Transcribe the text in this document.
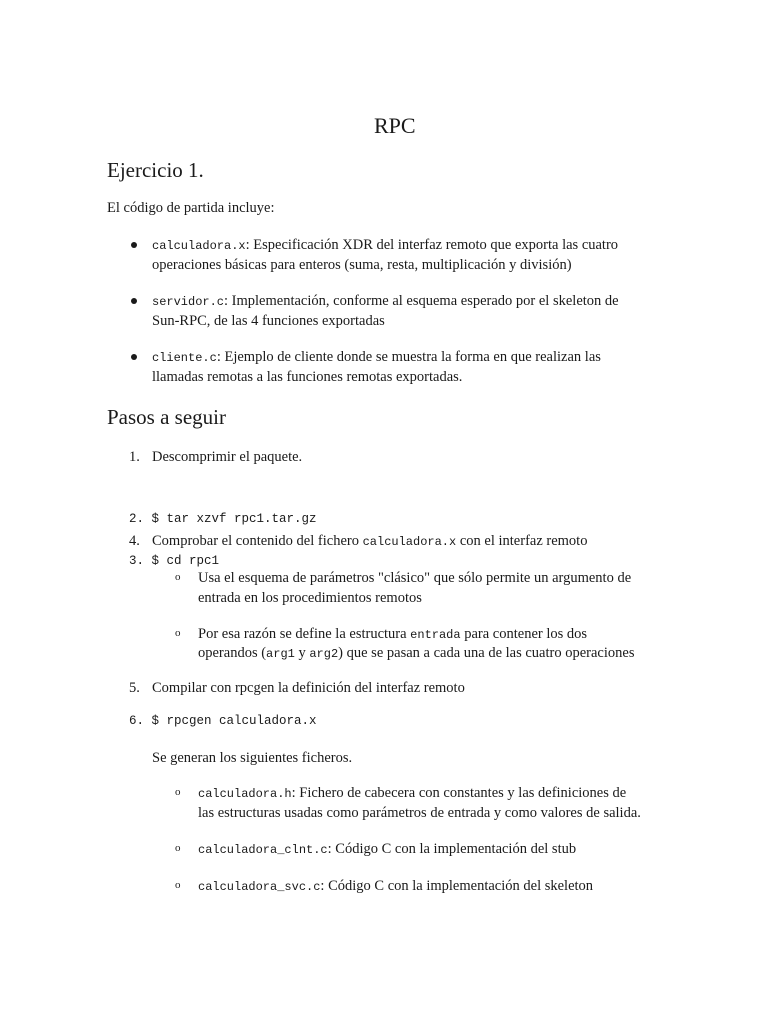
RPC
Ejercicio 1.

El código de partida incluye:

calculadora.x: Especificación XDR del interfaz remoto que exporta las cuatro

operaciones básicas para enteros (suma, resta, multiplicación y división)

servidor.c: Implementación, conforme al esquema esperado por el skeleton de

Sun-RPC, de las 4 funciones exportadas

cliente.c: Ejemplo de cliente donde se muestra la forma en que realizan las

llamadas remotas a las funciones remotas exportadas.

Pasos a seguir
1. Descomprimir el paquete.

2. $ tar xzvf rpc1.tar.gz

3. $ cd rpc1

4. Comprobar el contenido del fichero calculadora.x con el interfaz remoto

o Usa el esquema de parámetros "clásico" que sólo permite un argumento de

entrada en los procedimientos remotos

o Por esa razón se define la estructura entrada para contener los dos

operandos (arg1 y arg2) que se pasan a cada una de las cuatro operaciones

5. Compilar con rpcgen la definición del interfaz remoto

6. $ rpcgen calculadora.x

Se generan los siguientes ficheros.

o calculadora.h: Fichero de cabecera con constantes y las definiciones de

las estructuras usadas como parámetros de entrada y como valores de salida.

o calculadora_clnt.c: Código C con la implementación del stub

o calculadora_svc.c: Código C con la implementación del skeleton
